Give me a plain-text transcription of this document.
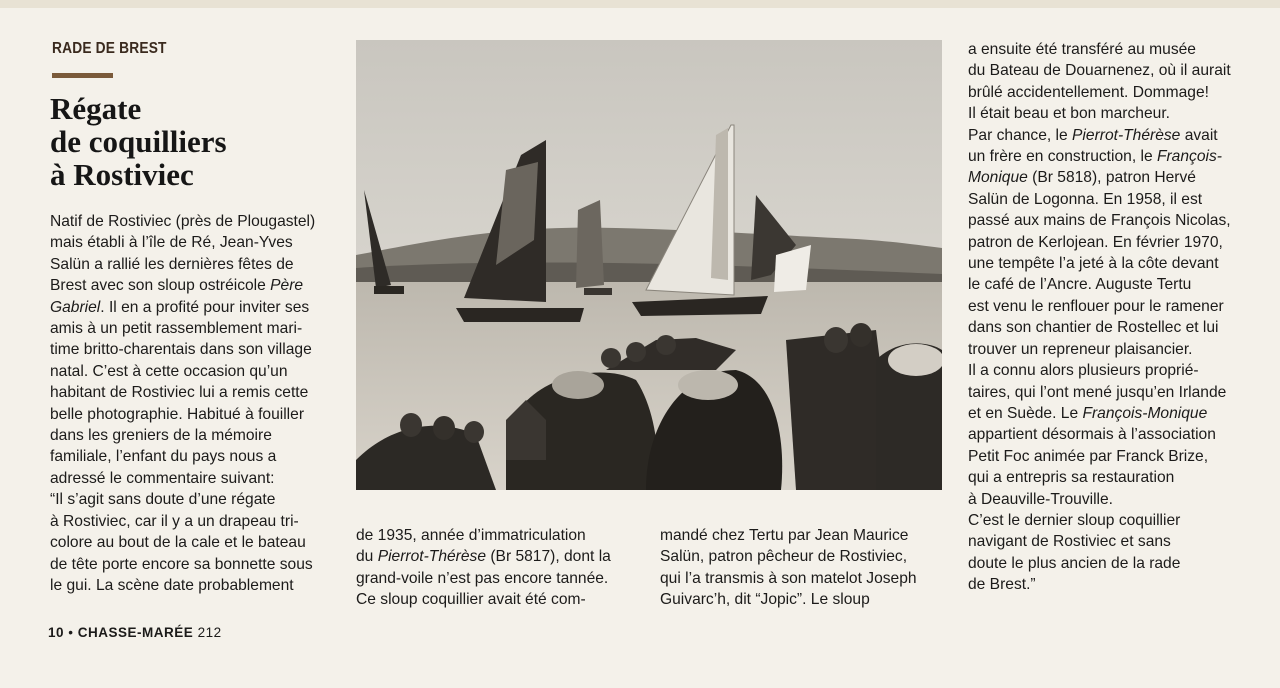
RADE DE BREST
Régate
de coquilliers
à Rostiviec
Natif de Rostiviec (près de Plougastel)
mais établi à l’île de Ré, Jean-Yves
Salün a rallié les dernières fêtes de
Brest avec son sloup ostréicole Père
Gabriel. Il en a profité pour inviter ses
amis à un petit rassemblement mari-
time britto-charentais dans son village
natal. C’est à cette occasion qu’un
habitant de Rostiviec lui a remis cette
belle photographie. Habitué à fouiller
dans les greniers de la mémoire
familiale, l’enfant du pays nous a
adressé le commentaire suivant:
“Il s’agit sans doute d’une régate
à Rostiviec, car il y a un drapeau tri-
colore au bout de la cale et le bateau
de tête porte encore sa bonnette sous
le gui. La scène date probablement
de 1935, année d’immatriculation
du Pierrot-Thérèse (Br 5817), dont la
grand-voile n’est pas encore tannée.
Ce sloup coquillier avait été com-
mandé chez Tertu par Jean Maurice
Salün, patron pêcheur de Rostiviec,
qui l’a transmis à son matelot Joseph
Guivarc’h, dit “Jopic”. Le sloup
a ensuite été transféré au musée
du Bateau de Douarnenez, où il aurait
brûlé accidentellement. Dommage!
Il était beau et bon marcheur.
Par chance, le Pierrot-Thérèse avait
un frère en construction, le François-
Monique (Br 5818), patron Hervé
Salün de Logonna. En 1958, il est
passé aux mains de François Nicolas,
patron de Kerlojean. En février 1970,
une tempête l’a jeté à la côte devant
le café de l’Ancre. Auguste Tertu
est venu le renflouer pour le ramener
dans son chantier de Rostellec et lui
trouver un repreneur plaisancier.
Il a connu alors plusieurs proprié-
taires, qui l’ont mené jusqu’en Irlande
et en Suède. Le François-Monique
appartient désormais à l’association
Petit Foc animée par Franck Brize,
qui a entrepris sa restauration
à Deauville-Trouville.
C’est le dernier sloup coquillier
navigant de Rostiviec et sans
doute le plus ancien de la rade
de Brest.”
10 • CHASSE-MARÉE 212
